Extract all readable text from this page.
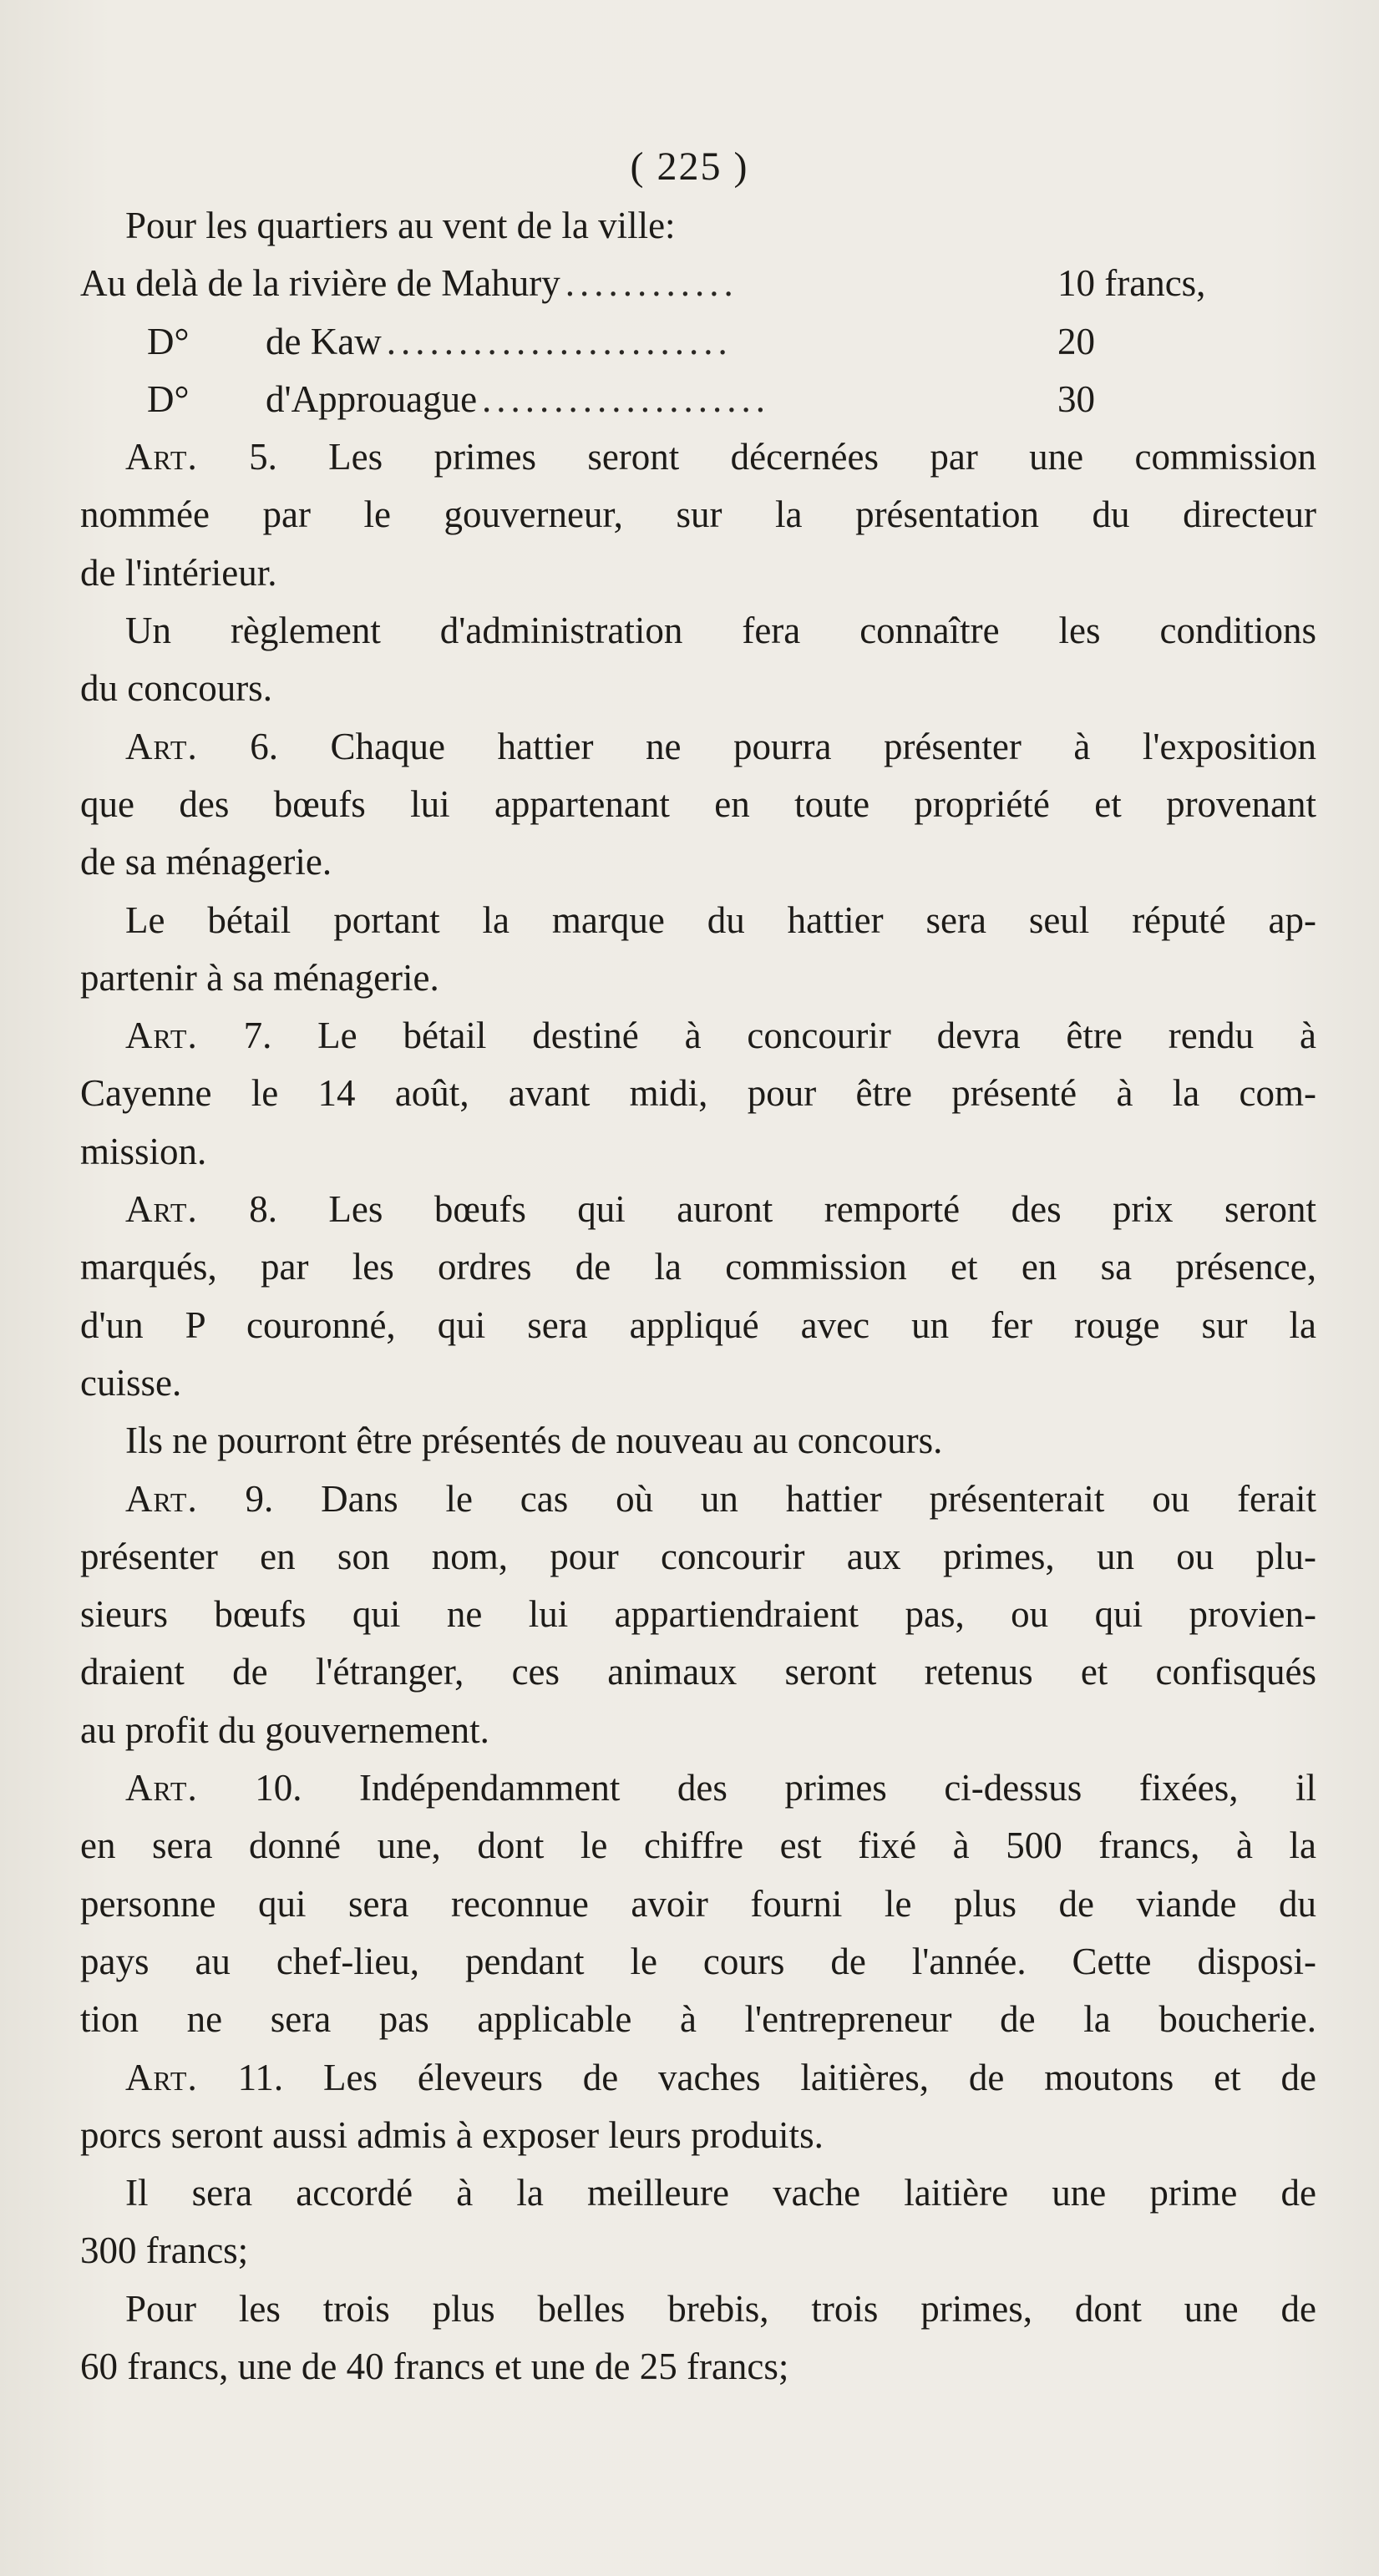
( 225 )
Pour les quartiers au vent de la ville:
Au delà de la rivière de Mahury ............	10 francs,
D°	de Kaw ........................	20
D°	d'Approuague ....................	30
Art. 5. Les primes seront décernées par une commission
nommée par le gouverneur, sur la présentation du directeur
de l'intérieur.
Un règlement d'administration fera connaître les conditions
du concours.
Art. 6. Chaque hattier ne pourra présenter à l'exposition
que des bœufs lui appartenant en toute propriété et provenant
de sa ménagerie.
Le bétail portant la marque du hattier sera seul réputé ap-
partenir à sa ménagerie.
Art. 7. Le bétail destiné à concourir devra être rendu à
Cayenne le 14 août, avant midi, pour être présenté à la com-
mission.
Art. 8. Les bœufs qui auront remporté des prix seront
marqués, par les ordres de la commission et en sa présence,
d'un P couronné, qui sera appliqué avec un fer rouge sur la
cuisse.
Ils ne pourront être présentés de nouveau au concours.
Art. 9. Dans le cas où un hattier présenterait ou ferait
présenter en son nom, pour concourir aux primes, un ou plu-
sieurs bœufs qui ne lui appartiendraient pas, ou qui provien-
draient de l'étranger, ces animaux seront retenus et confisqués
au profit du gouvernement.
Art. 10. Indépendamment des primes ci-dessus fixées, il
en sera donné une, dont le chiffre est fixé à 500 francs, à la
personne qui sera reconnue avoir fourni le plus de viande du
pays au chef-lieu, pendant le cours de l'année. Cette disposi-
tion ne sera pas applicable à l'entrepreneur de la boucherie.
Art. 11. Les éleveurs de vaches laitières, de moutons et de
porcs seront aussi admis à exposer leurs produits.
Il sera accordé à la meilleure vache laitière une prime de
300 francs;
Pour les trois plus belles brebis, trois primes, dont une de
60 francs, une de 40 francs et une de 25 francs;
